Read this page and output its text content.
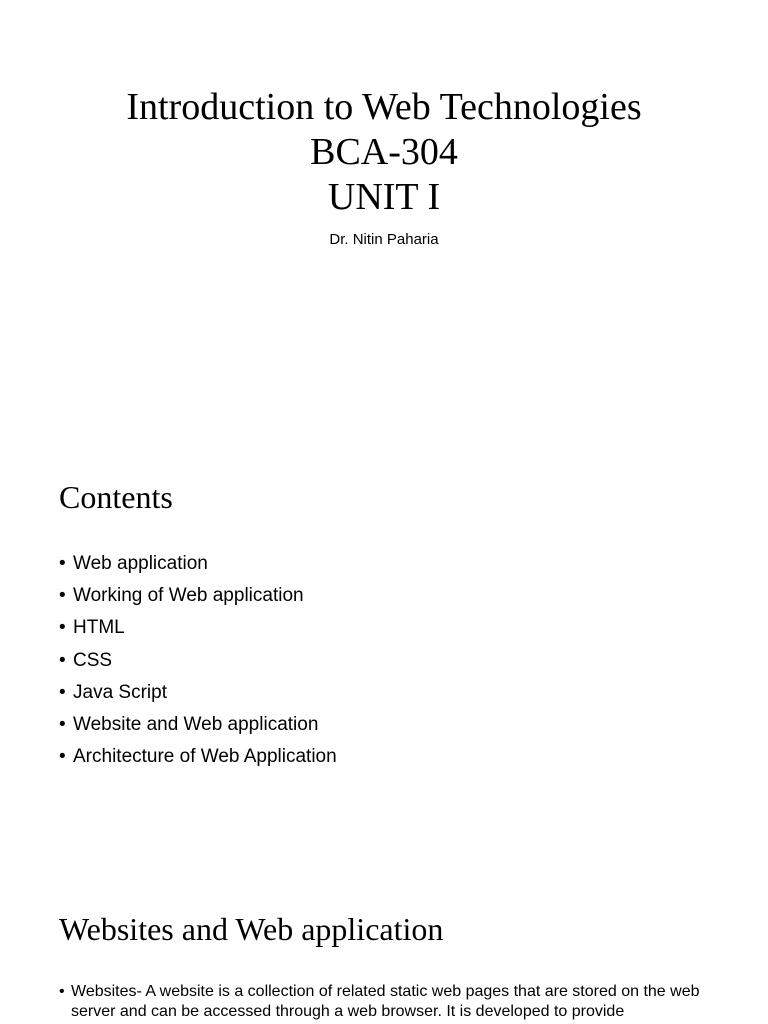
Introduction to Web Technologies
BCA-304
UNIT I
Dr. Nitin Paharia
Contents
• Web application
• Working of Web application
• HTML
• CSS
• Java Script
• Website and Web application
• Architecture of Web Application
Websites and Web application

• Websites- A website is a collection of related static web pages that are stored on the web server and can be accessed through a web browser. It is developed to provide
